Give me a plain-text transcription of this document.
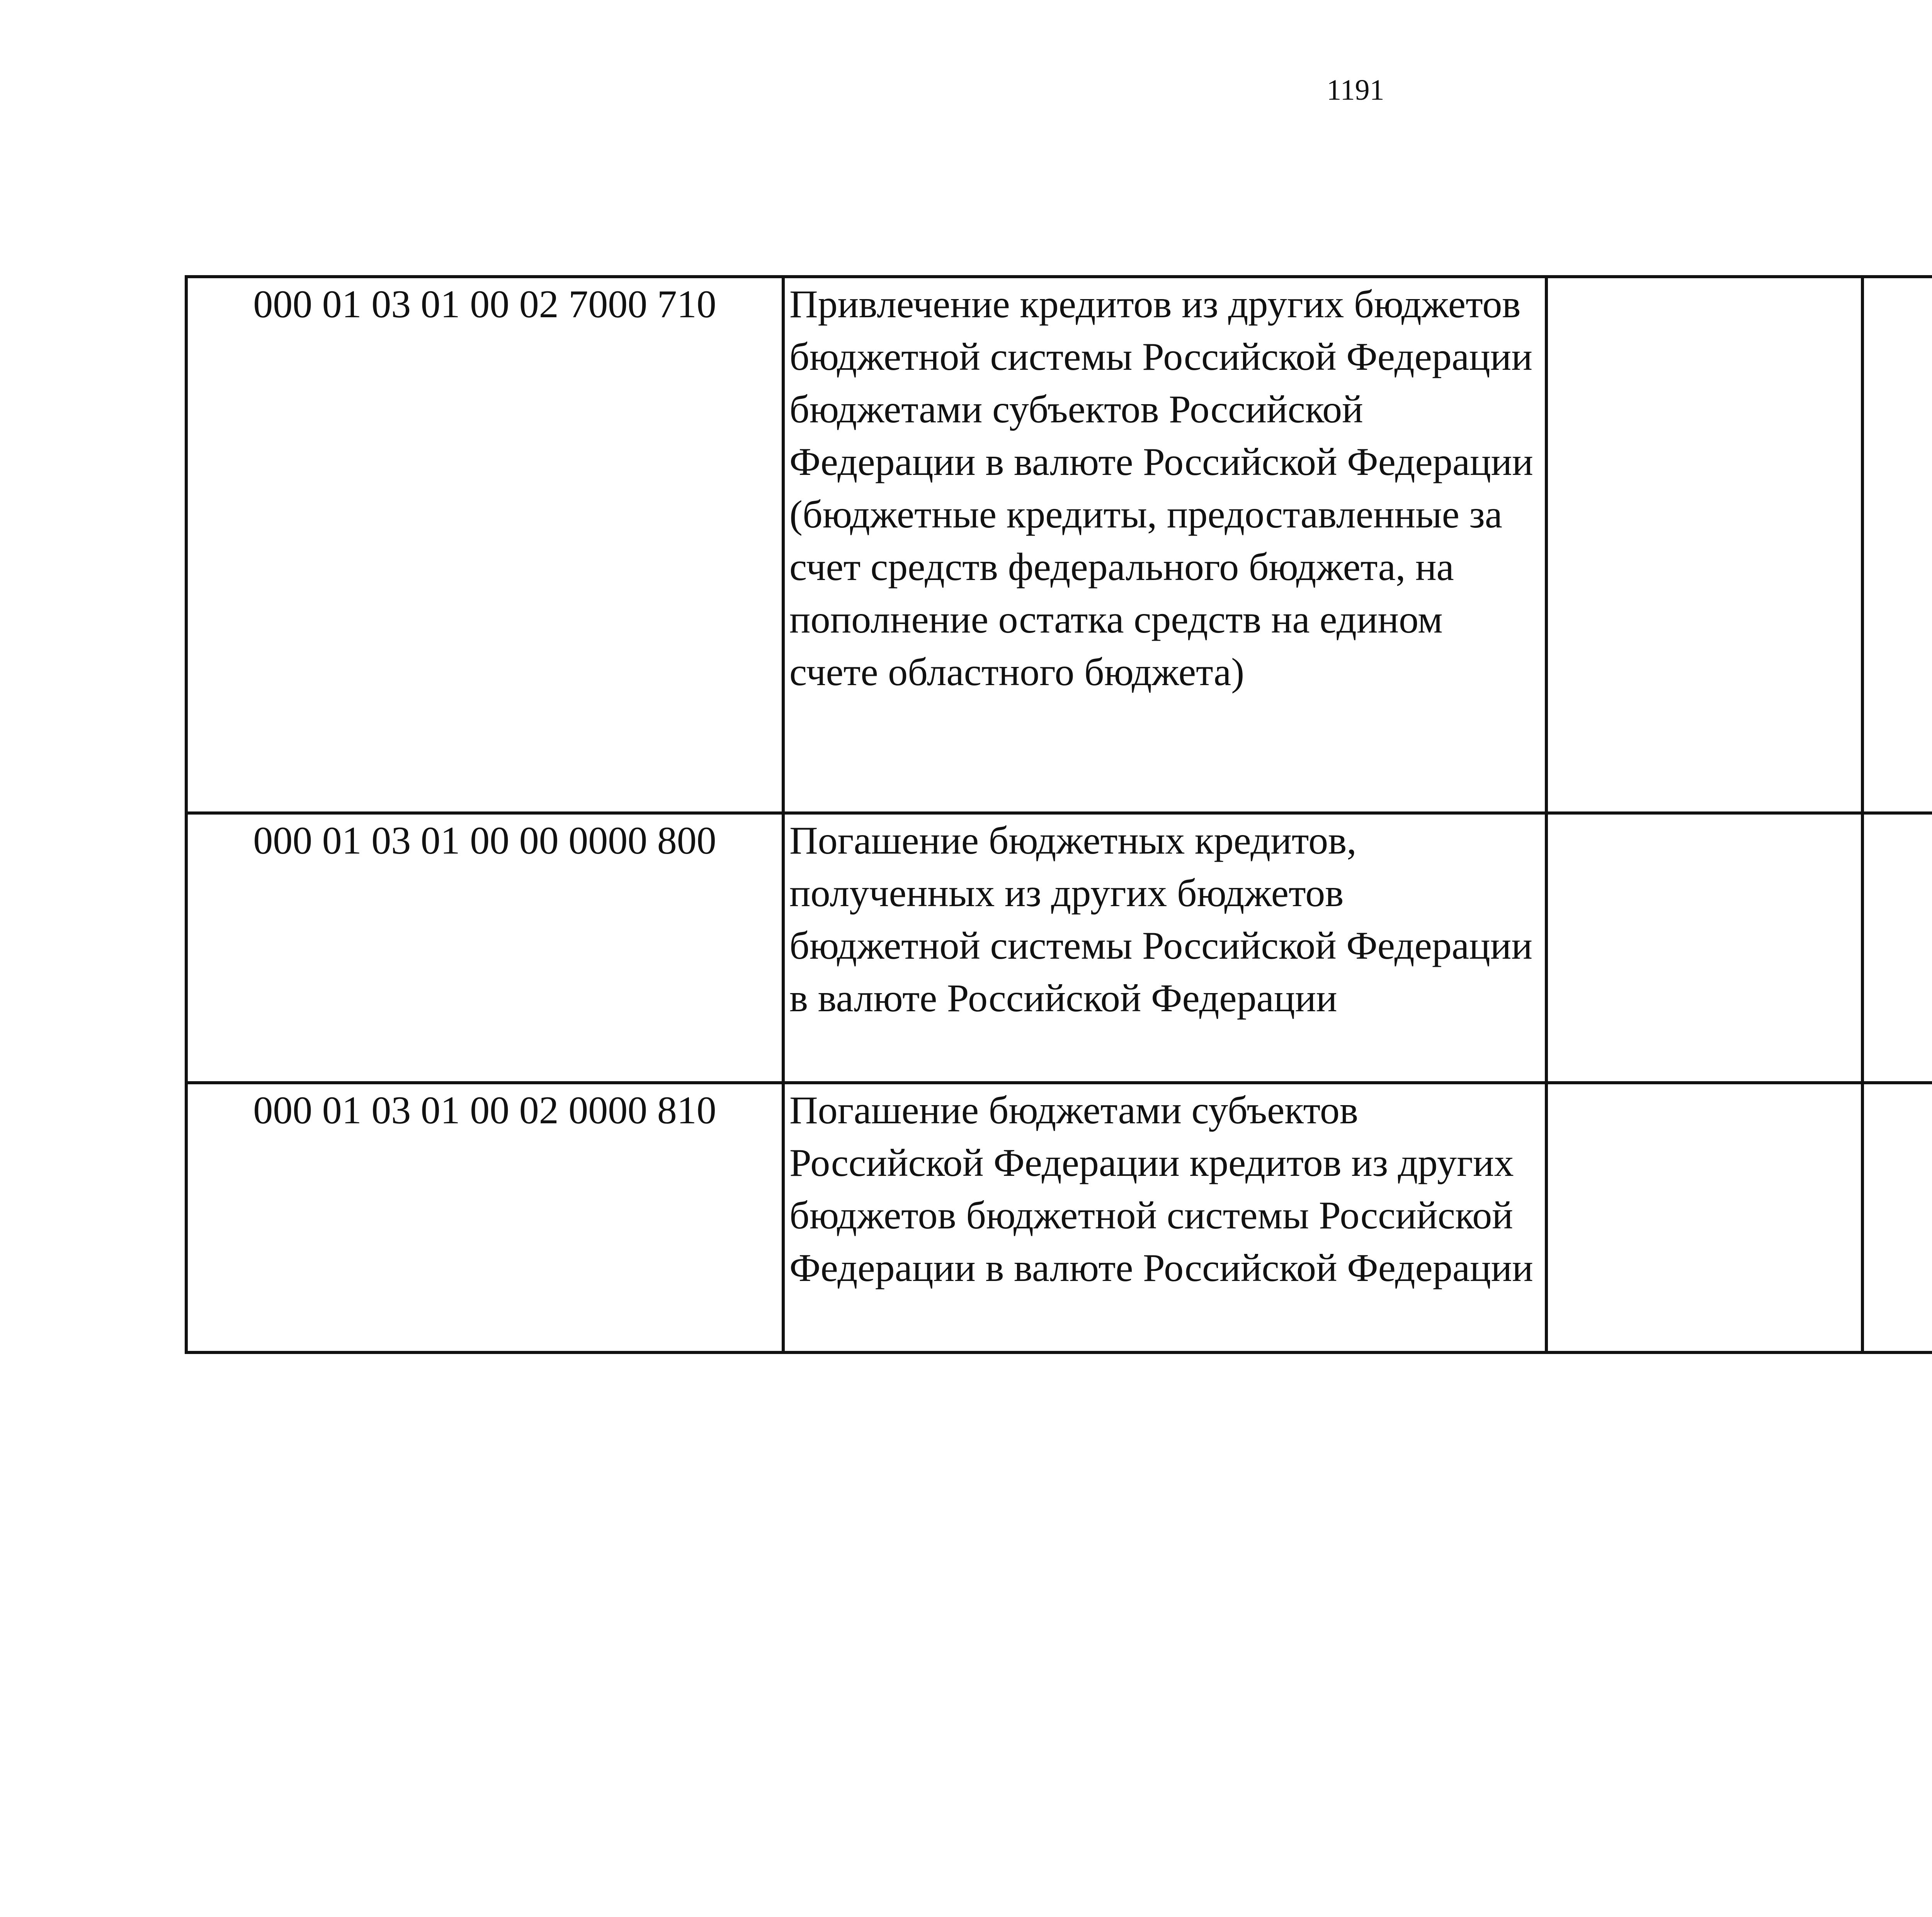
1191
000 01 03 01 00 02 7000 710	Привлечение кредитов из других бюджетов бюджетной системы Российской Федерации бюджетами субъектов Российской Федерации в валюте Российской Федерации (бюджетные кредиты, предоставленные за счет средств федерального бюджета, на пополнение остатка средств на едином счете областного бюджета)			
000 01 03 01 00 00 0000 800	Погашение бюджетных кредитов, полученных из других бюджетов бюджетной системы Российской Федерации в валюте Российской Федерации			
000 01 03 01 00 02 0000 810	Погашение бюджетами субъектов Российской Федерации кредитов из других бюджетов бюджетной системы Российской Федерации в валюте Российской Федерации			
